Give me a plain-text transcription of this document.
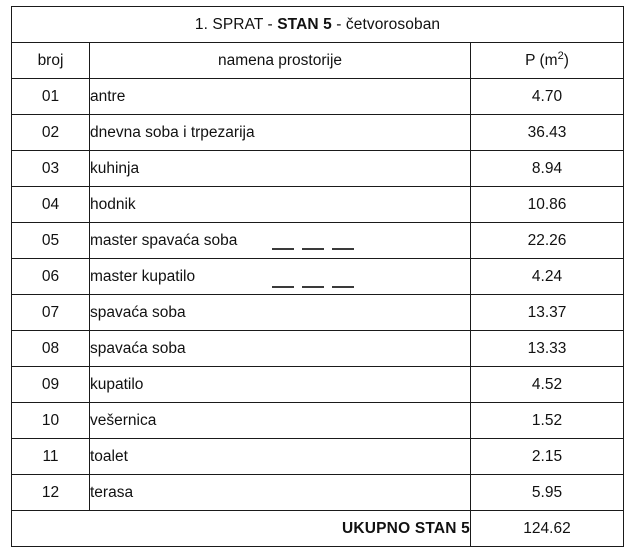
1. SPRAT - STAN 5 - četvorosoban		
broj	namena prostorije	P $(m^2)$
01	antre	4.70
02	dnevna soba i trpezarija	36.43
03	kuhinja	8.94
04	hodnik	10.86
05	master spavaća soba	22.26
06	master kupatilo	4.24
07	spavaća soba	13.37
08	spavaća soba	13.33
09	kupatilo	4.52
10	vešernica	1.52
11	toalet	2.15
12	terasa	5.95
UKUPNO STAN 5		124.62
